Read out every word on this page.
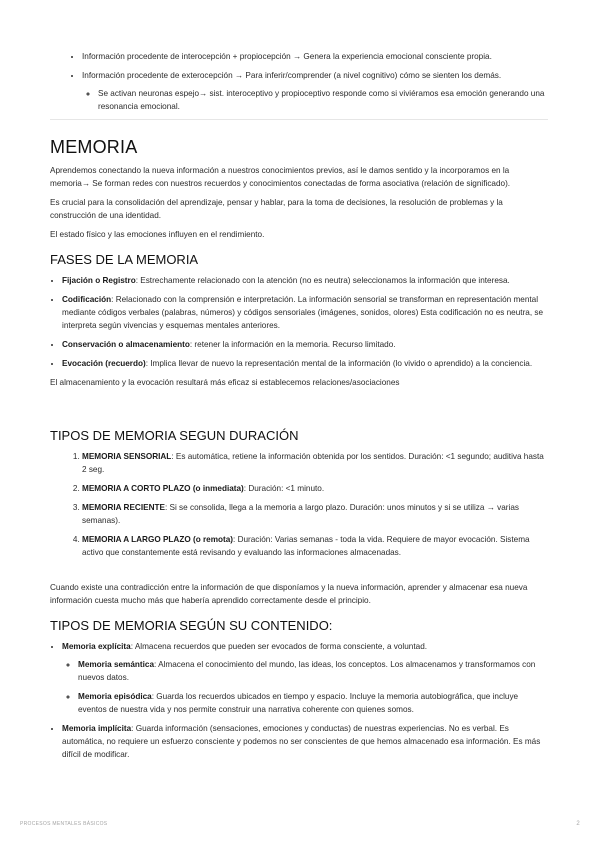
• Información procedente de interocepción + propiocepción → Genera la experiencia emocional consciente propia.
• Información procedente de exterocepción → Para inferir/comprender (a nivel cognitivo) cómo se sienten los demás.
◦ Se activan neuronas espejo→ sist. interoceptivo y propioceptivo responde como si viviéramos esa emoción generando una resonancia emocional.
MEMORIA

Aprendemos conectando la nueva información a nuestros conocimientos previos, así le damos sentido y la incorporamos en la memoria→ Se forman redes con nuestros recuerdos y conocimientos conectadas de forma asociativa (relación de significado).

Es crucial para la consolidación del aprendizaje, pensar y hablar, para la toma de decisiones, la resolución de problemas y la construcción de una identidad.

El estado físico y las emociones influyen en el rendimiento.

FASES DE LA MEMORIA
• Fijación o Registro: Estrechamente relacionado con la atención (no es neutra) seleccionamos la información que interesa.
• Codificación: Relacionado con la comprensión e interpretación. La información sensorial se transforman en representación mental mediante códigos verbales (palabras, números) y códigos sensoriales (imágenes, sonidos, olores) Esta codificación no es neutra, se interpreta según vivencias y esquemas mentales anteriores.
• Conservación o almacenamiento: retener la información en la memoria. Recurso limitado.
• Evocación (recuerdo): Implica llevar de nuevo la representación mental de la información (lo vivido o aprendido) a la conciencia.

El almacenamiento y la evocación resultará más eficaz si establecemos relaciones/asociaciones

TIPOS DE MEMORIA SEGUN DURACIÓN
1. MEMORIA SENSORIAL: Es automática, retiene la información obtenida por los sentidos. Duración: <1 segundo; auditiva hasta 2 seg.
2. MEMORIA A CORTO PLAZO (o inmediata): Duración: <1 minuto.
3. MEMORIA RECIENTE: Si se consolida, llega a la memoria a largo plazo. Duración: unos minutos y si se utiliza → varias semanas).
4. MEMORIA A LARGO PLAZO (o remota): Duración: Varias semanas - toda la vida. Requiere de mayor evocación. Sistema activo que constantemente está revisando y evaluando las informaciones almacenadas.

Cuando existe una contradicción entre la información de que disponíamos y la nueva información, aprender y almacenar esa nueva información cuesta mucho más que habería aprendido correctamente desde el principio.

TIPOS DE MEMORIA SEGÚN SU CONTENIDO:
• Memoria explícita: Almacena recuerdos que pueden ser evocados de forma consciente, a voluntad.
◦ Memoria semántica: Almacena el conocimiento del mundo, las ideas, los conceptos. Los almacenamos y transformamos con nuevos datos.
◦ Memoria episódica: Guarda los recuerdos ubicados en tiempo y espacio. Incluye la memoria autobiográfica, que incluye eventos de nuestra vida y nos permite construir una narrativa coherente con quienes somos.
• Memoria implícita: Guarda información (sensaciones, emociones y conductas) de nuestras experiencias. No es verbal. Es automática, no requiere un esfuerzo consciente y podemos no ser conscientes de que hemos almacenado esa información. Es más difícil de modificar.
PROCESOS MENTALES BÁSICOS	2
